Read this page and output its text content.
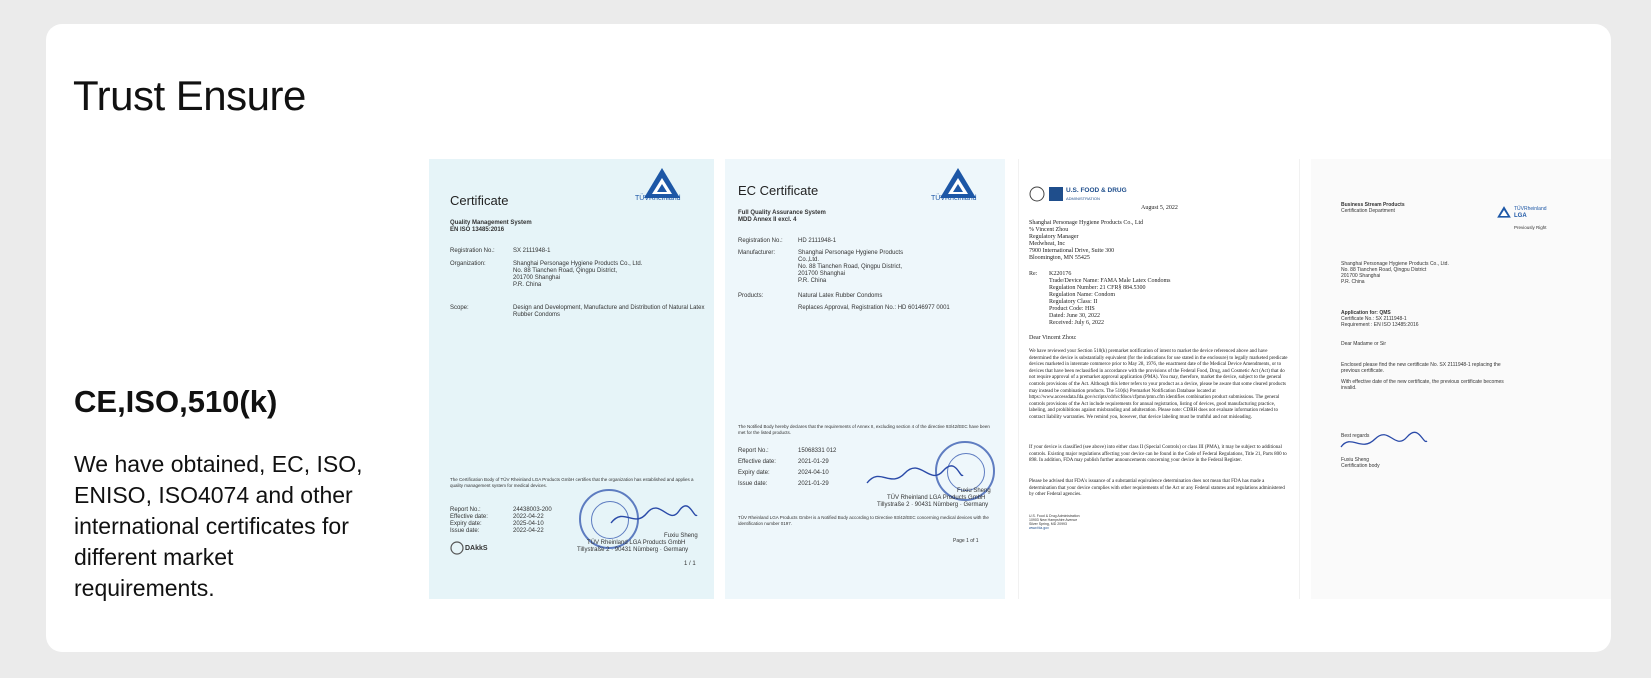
Trust Ensure
CE,ISO,510(k)

We have obtained, EC, ISO, ENISO, ISO4074 and other international certificates for different market requirements.

TÜVRheinland
Certificate
Quality Management System
EN ISO 13485:2016
Registration No.:	SX 2111948-1
Organization:	Shanghai Personage Hygiene Products Co., Ltd.
No. 88 Tianchen Road, Qingpu District,
201700 Shanghai
P.R. China
Scope:	Design and Development, Manufacture and Distribution of Natural Latex
Rubber Condoms
The Certification Body of TÜV Rheinland LGA Products GmbH certifies that the organization has established and applies a quality management system for medical devices.
Report No.:	24438003-200
Effective date:	2022-04-22
Expiry date:	2025-04-10
Issue date:	2022-04-22
Fuxiu Sheng
TÜV Rheinland LGA Products GmbH
Tillystraße 2 · 90431 Nürnberg · Germany
DAkkS
1 / 1
TÜVRheinland
EC Certificate
Full Quality Assurance System
MDD Annex II excl. 4
Registration No.:	HD 2111948-1
Manufacturer:	Shanghai Personage Hygiene Products
Co.,Ltd.
No. 88 Tianchen Road, Qingpu District,
201700 Shanghai
P.R. China
Products:	Natural Latex Rubber Condoms
Replaces Approval, Registration No.: HD 60146977 0001
The Notified Body hereby declares that the requirements of Annex II, excluding section 4 of the directive 93/42/EEC have been met for the listed products.
Report No.:	15068331 012
Effective date:	2021-01-29
Expiry date:	2024-04-10
Issue date:	2021-01-29
Fuxiu Sheng
TÜV Rheinland LGA Products GmbH
Tillystraße 2 · 90431 Nürnberg · Germany
TÜV Rheinland LGA Products GmbH is a Notified Body according to Directive 93/42/EEC concerning medical devices with the identification number 0197.
Page 1 of 1
U.S. FOOD & DRUG
ADMINISTRATION
August 5, 2022
Shanghai Personage Hygiene Products Co., Ltd
% Vincent Zhou
Regulatory Manager
Medwheat, Inc
7900 International Drive, Suite 300
Bloomington, MN 55425
Re: K220176
Trade/Device Name: FAMA Male Latex Condoms
Regulation Number: 21 CFR§ 884.5300
Regulation Name: Condom
Regulatory Class: II
Product Code: HIS
Dated: June 30, 2022
Received: July 6, 2022
Dear Vincent Zhou:
We have reviewed your Section 510(k) premarket notification of intent to market the device referenced above and have determined the device is substantially equivalent (for the indications for use stated in the enclosure) to legally marketed predicate devices marketed in interstate commerce prior to May 28, 1976, the enactment date of the Medical Device Amendments, or to devices that have been reclassified in accordance with the provisions of the Federal Food, Drug, and Cosmetic Act (Act) that do not require approval of a premarket approval application (PMA). You may, therefore, market the device, subject to the general controls provisions of the Act. Although this letter refers to your product as a device, please be aware that some cleared products may instead be combination products. The 510(k) Premarket Notification Database located at https://www.accessdata.fda.gov/scripts/cdrh/cfdocs/cfpmn/pmn.cfm identifies combination product submissions. The general controls provisions of the Act include requirements for annual registration, listing of devices, good manufacturing practice, labeling, and prohibitions against misbranding and adulteration. Please note: CDRH does not evaluate information related to contract liability warranties. We remind you, however, that device labeling must be truthful and not misleading.
If your device is classified (see above) into either class II (Special Controls) or class III (PMA), it may be subject to additional controls. Existing major regulations affecting your device can be found in the Code of Federal Regulations, Title 21, Parts 800 to 898. In addition, FDA may publish further announcements concerning your device in the Federal Register.
Please be advised that FDA's issuance of a substantial equivalence determination does not mean that FDA has made a determination that your device complies with other requirements of the Act or any Federal statutes and regulations administered by other Federal agencies.
U.S. Food & Drug Administration
10903 New Hampshire Avenue
Silver Spring, MD 20993
www.fda.gov
Business Stream Products
Certification Department	TÜVRheinland
LGA
Previously Right
Shanghai Personage Hygiene Products Co., Ltd.
No. 88 Tianchen Road, Qingpu District
201700 Shanghai
P.R. China
Application for: QMS
Certificate No.: SX 2111948-1
Requirement : EN ISO 13485:2016
Dear Madame or Sir
Enclosed please find the new certificate No. SX 2111948-1 replacing the previous certificate.
With effective date of the new certificate, the previous certificate becomes invalid.
Best regards
Fuxiu Sheng
Certification body
